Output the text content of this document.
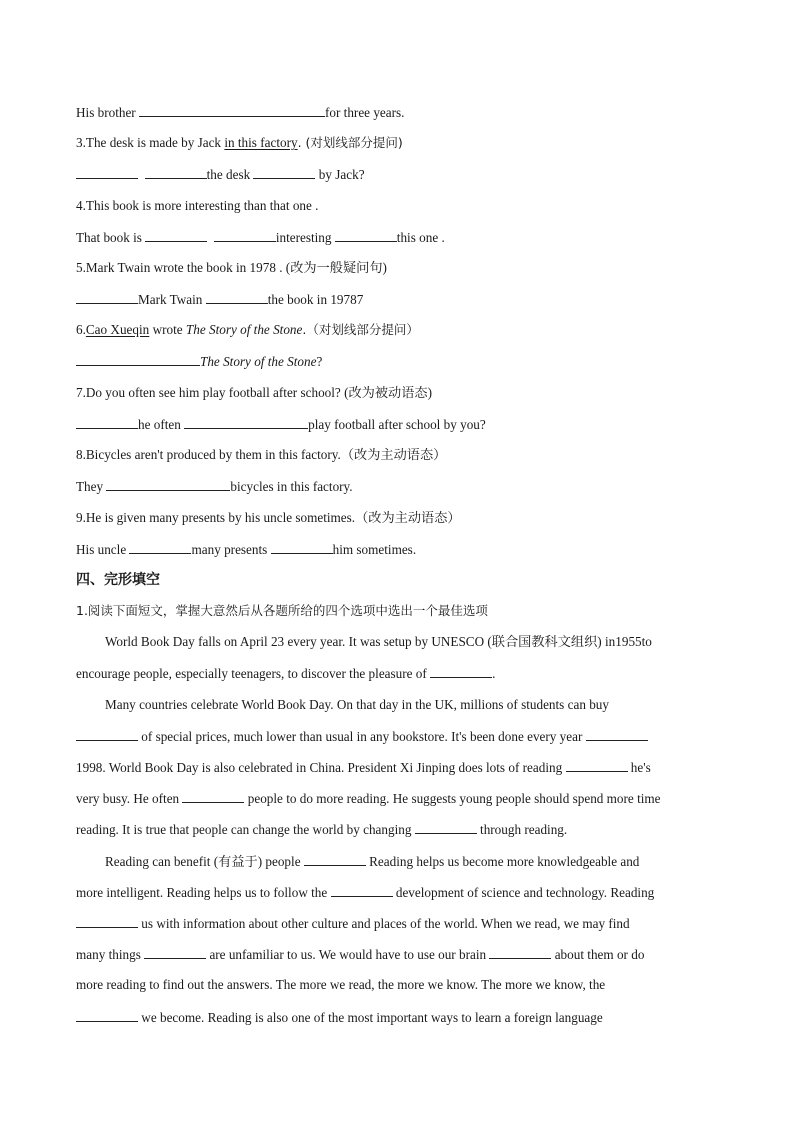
His brother	for three years.
3.The desk is made by Jack in this factory. (对划线部分提问)
the desk	by Jack?
4.This book is more interesting than that one .
That book is	interesting	this one .
5.Mark Twain wrote the book in 1978 . (改为一般疑问句)
Mark Twain	the book in 19787
6.Cao Xueqin wrote The Story of the Stone.（对划线部分提问）
The Story of the Stone?
7.Do you often see him play football after school? (改为被动语态)
he often	play football after school by you?
8.Bicycles aren't produced by them in this factory.（改为主动语态）
They	bicycles in this factory.
9.He is given many presents by his uncle sometimes.（改为主动语态）
His uncle	many presents	him sometimes.
四、完形填空
1.阅读下面短文，掌握大意然后从各题所给的四个选项中选出一个最佳选项
World Book Day falls on April 23 every year. It was setup by UNESCO (联合国教科文组织) in1955to
encourage people, especially teenagers, to discover the pleasure of	.
Many countries celebrate World Book Day. On that day in the UK, millions of students can buy
of special prices, much lower than usual in any bookstore. It's been done every year
1998. World Book Day is also celebrated in China. President Xi Jinping does lots of reading	he's
very busy. He often	people to do more reading. He suggests young people should spend more time
reading. It is true that people can change the world by changing	through reading.
Reading can benefit (有益于) people	Reading helps us become more knowledgeable and
more intelligent. Reading helps us to follow the	development of science and technology. Reading
us with information about other culture and places of the world. When we read, we may find
many things	are unfamiliar to us. We would have to use our brain	about them or do
more reading to find out the answers. The more we read, the more we know. The more we know, the
we become. Reading is also one of the most important ways to learn a foreign language
